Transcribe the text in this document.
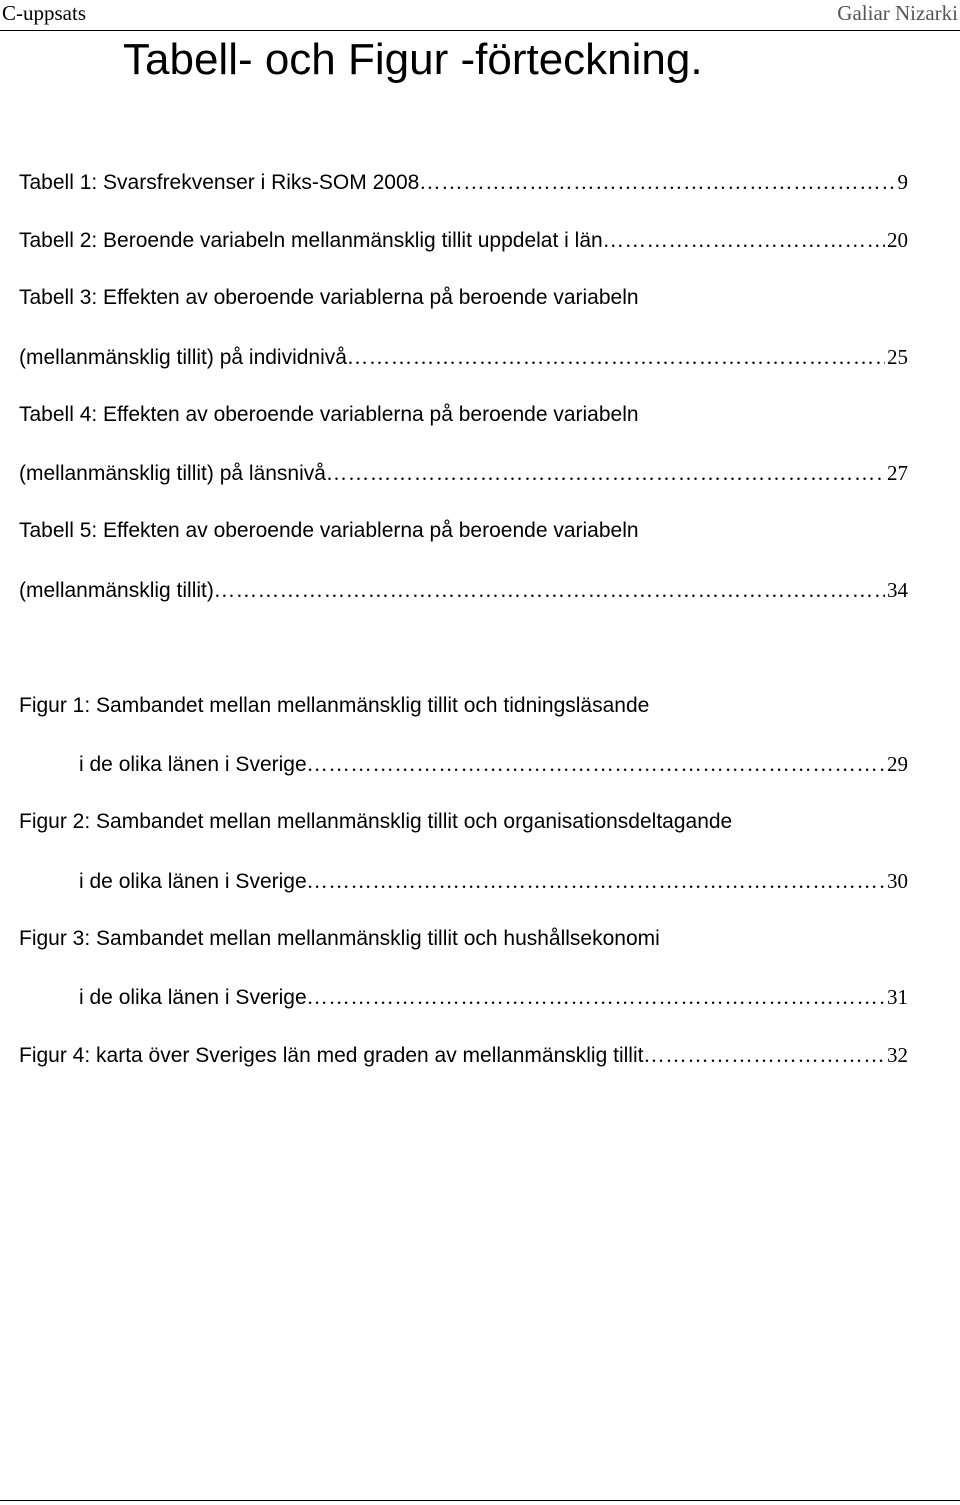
C-uppsats	Galiar Nizarki
Tabell- och Figur -förteckning.
Tabell 1: Svarsfrekvenser i Riks-SOM 2008 …………………………………………………………………………………………………………………………………………………………	9
Tabell 2: Beroende variabeln mellanmänsklig tillit uppdelat i län …………………………………………………………………………………………………………………………………………………………	20
Tabell 3: Effekten av oberoende variablerna på beroende variabeln
(mellanmänsklig tillit) på individnivå …………………………………………………………………………………………………………………………………………………………	25
Tabell 4: Effekten av oberoende variablerna på beroende variabeln
(mellanmänsklig tillit) på länsnivå …………………………………………………………………………………………………………………………………………………………	27
Tabell 5: Effekten av oberoende variablerna på beroende variabeln
(mellanmänsklig tillit) …………………………………………………………………………………………………………………………………………………………	34
Figur 1: Sambandet mellan mellanmänsklig tillit och tidningsläsande
i de olika länen i Sverige …………………………………………………………………………………………………………………………………………………………	29
Figur 2: Sambandet mellan mellanmänsklig tillit och organisationsdeltagande
i de olika länen i Sverige …………………………………………………………………………………………………………………………………………………………	30
Figur 3: Sambandet mellan mellanmänsklig tillit och hushållsekonomi
i de olika länen i Sverige …………………………………………………………………………………………………………………………………………………………	31
Figur 4: karta över Sveriges län med graden av mellanmänsklig tillit …………………………………………………………………………………………………………………………………………………………	32
